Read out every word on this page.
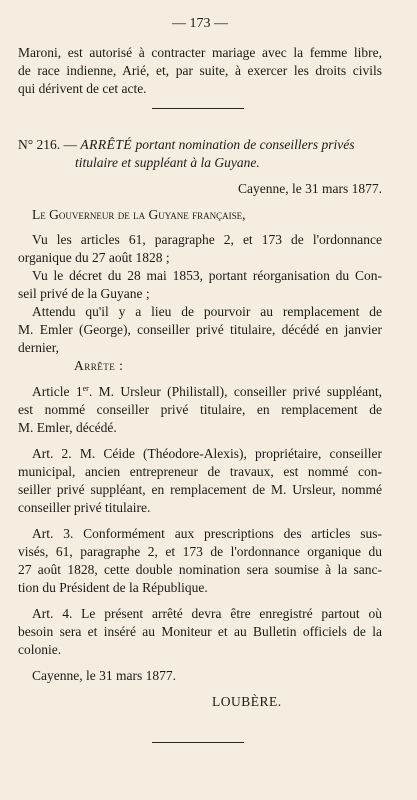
— 173 —
Maroni, est autorisé à contracter mariage avec la femme libre,
de race indienne, Arié, et, par suite, à exercer les droits civils
qui dérivent de cet acte.
N° 216. — ARRÊTÉ portant nomination de conseillers privés
titulaire et suppléant à la Guyane.
Cayenne, le 31 mars 1877.
Le Gouverneur de la Guyane française,
Vu les articles 61, paragraphe 2, et 173 de l'ordonnance
organique du 27 août 1828 ;
Vu le décret du 28 mai 1853, portant réorganisation du Con-
seil privé de la Guyane ;
Attendu qu'il y a lieu de pourvoir au remplacement de
M. Emler (George), conseiller privé titulaire, décédé en janvier
dernier,
Arrête :
Article 1er. M. Ursleur (Philistall), conseiller privé suppléant,
est nommé conseiller privé titulaire, en remplacement de
M. Emler, décédé.
Art. 2. M. Céide (Théodore-Alexis), propriétaire, conseiller
municipal, ancien entrepreneur de travaux, est nommé con-
seiller privé suppléant, en remplacement de M. Ursleur, nommé
conseiller privé titulaire.
Art. 3. Conformément aux prescriptions des articles sus-
visés, 61, paragraphe 2, et 173 de l'ordonnance organique du
27 août 1828, cette double nomination sera soumise à la sanc-
tion du Président de la République.
Art. 4. Le présent arrêté devra être enregistré partout où
besoin sera et inséré au Moniteur et au Bulletin officiels de la
colonie.
Cayenne, le 31 mars 1877.
LOUBÈRE.
